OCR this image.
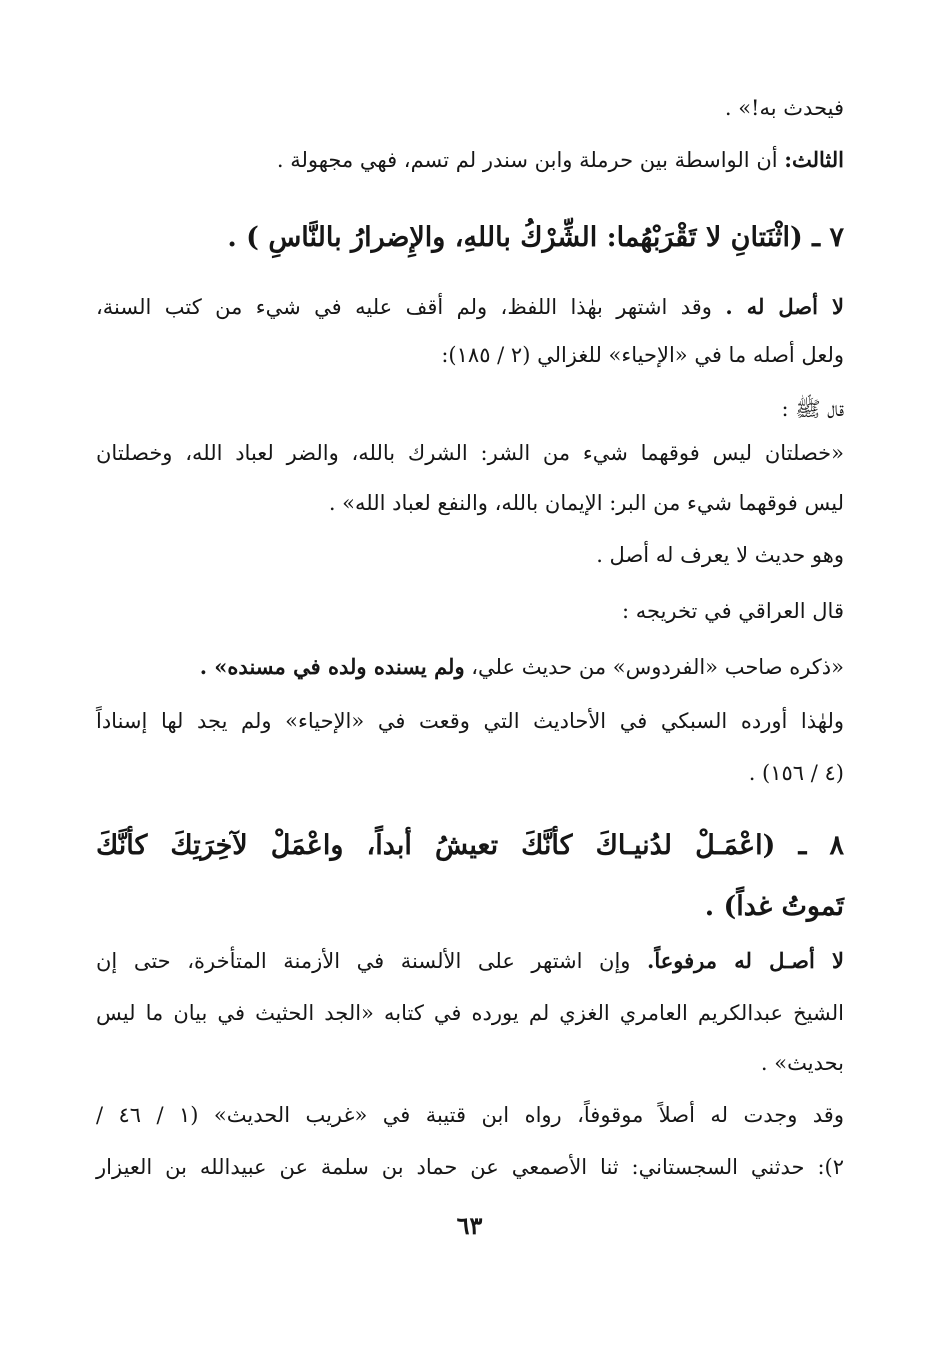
فيحدث به!» .
الثالث: أن الواسطة بين حرملة وابن سندر لم تسم، فهي مجهولة .
٧ ـ (اثْنَتانِ لا تَقْرَبْهُما: الشِّرْكُ باللهِ، والإِضرارُ بالنَّاسِ ) .
لا أصل له . وقد اشتهر بهٰذا اللفظ، ولم أقف عليه في شيء من كتب السنة،
ولعل أصله ما في «الإحياء» للغزالي (٢ / ١٨٥):
قال ﷺ :
«خصلتان ليس فوقهما شيء من الشر: الشرك بالله، والضر لعباد الله، وخصلتان
ليس فوقهما شيء من البر: الإيمان بالله، والنفع لعباد الله» .
وهو حديث لا يعرف له أصل .
قال العراقي في تخريجه :
«ذكره صاحب «الفردوس» من حديث علي، ولم يسنده ولده في مسنده» .
ولهٰذا أورده السبكي في الأحاديث التي وقعت في «الإحياء» ولم يجد لها إسناداً
(٤ / ١٥٦) .
٨ ـ (اعْمَـلْ لدُنيـاكَ كأنَّكَ تعيشُ أبداً، واعْمَلْ لآخِرَتِكَ كأنَّكَ
تَموتُ غداً) .
لا أصـل له مرفوعاً. وإن اشتهر على الألسنة في الأزمنة المتأخرة، حتى إن
الشيخ عبدالكريم العامري الغزي لم يورده في كتابه «الجد الحثيث في بيان ما ليس
بحديث» .
وقد وجدت له أصلاً موقوفاً، رواه ابن قتيبة في «غريب الحديث» (١ / ٤٦ /
٢): حدثني السجستاني: ثنا الأصمعي عن حماد بن سلمة عن عبيدالله بن العيزار
٦٣
